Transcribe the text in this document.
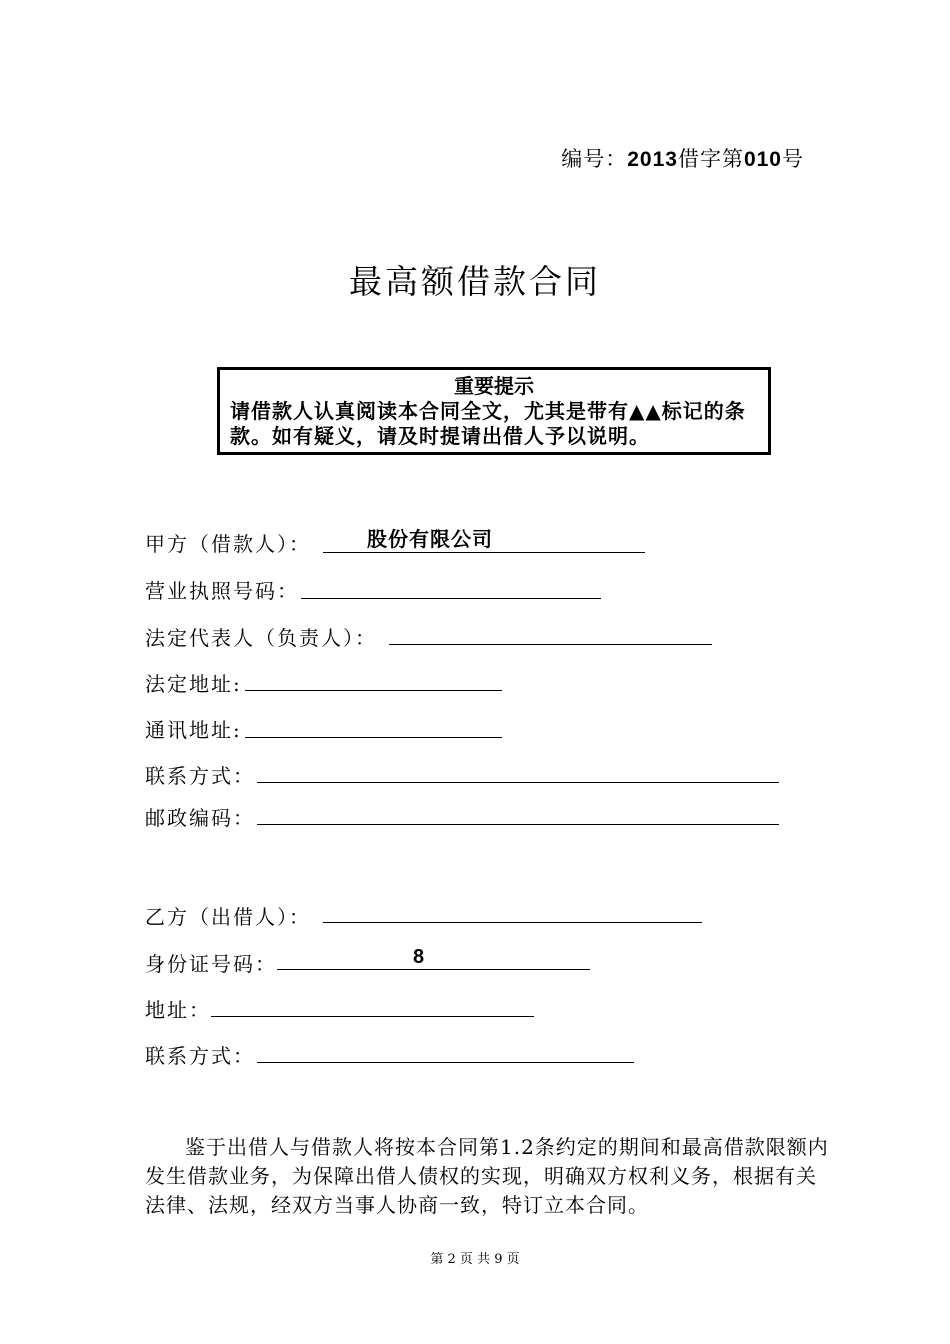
编号：2013借字第010号
最高额借款合同
重要提示
请借款人认真阅读本合同全文，尤其是带有▲▲标记的条款。如有疑义，请及时提请出借人予以说明。
甲方（借款人）：	股份有限公司
营业执照号码：
法定代表人（负责人）：
法定地址:
通讯地址:
联系方式：
邮政编码：
乙方（出借人）：
身份证号码：	8
地址：
联系方式：

鉴于出借人与借款人将按本合同第1.2条约定的期间和最高借款限额内发生借款业务，为保障出借人债权的实现，明确双方权利义务，根据有关法律、法规，经双方当事人协商一致，特订立本合同。

第 2 页 共 9 页
